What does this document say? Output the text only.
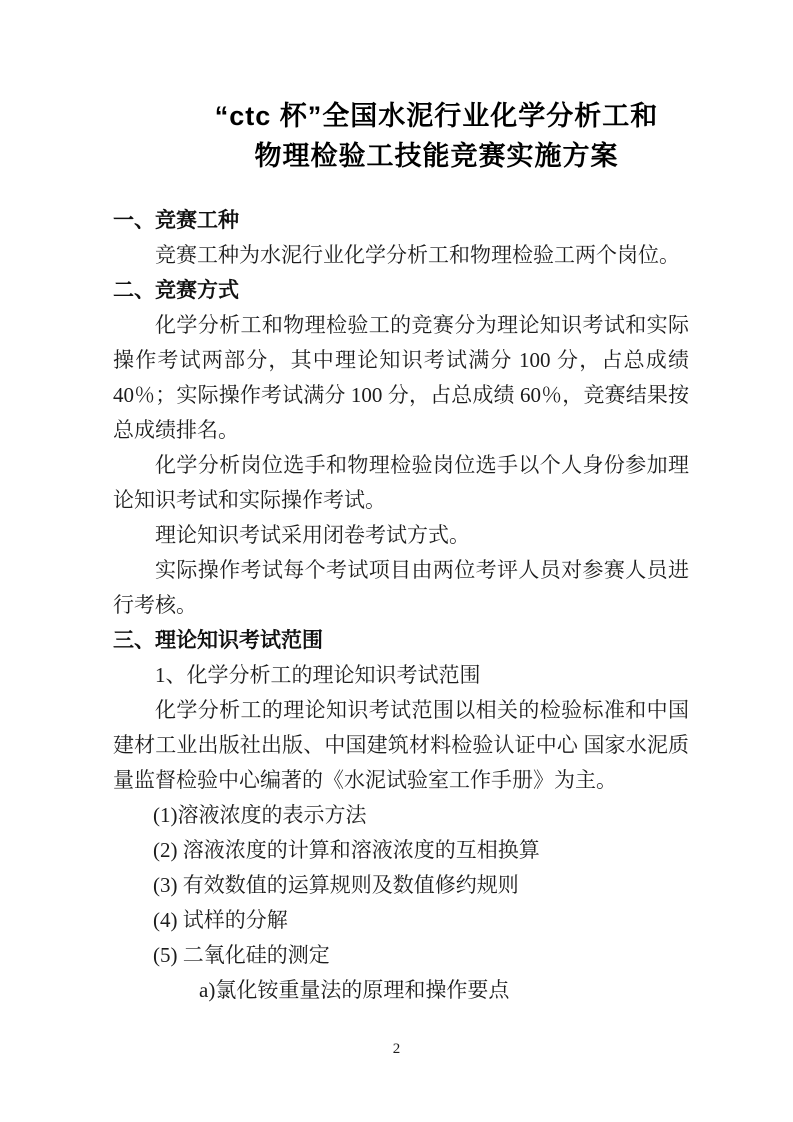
“ctc 杯”全国水泥行业化学分析工和
物理检验工技能竞赛实施方案
一、竞赛工种
竞赛工种为水泥行业化学分析工和物理检验工两个岗位。
二、竞赛方式
化学分析工和物理检验工的竞赛分为理论知识考试和实际操作考试两部分，其中理论知识考试满分 100 分，占总成绩 40％；实际操作考试满分 100 分，占总成绩 60％，竞赛结果按总成绩排名。
化学分析岗位选手和物理检验岗位选手以个人身份参加理论知识考试和实际操作考试。
理论知识考试采用闭卷考试方式。
实际操作考试每个考试项目由两位考评人员对参赛人员进行考核。
三、理论知识考试范围
1、化学分析工的理论知识考试范围
化学分析工的理论知识考试范围以相关的检验标准和中国建材工业出版社出版、中国建筑材料检验认证中心 国家水泥质量监督检验中心编著的《水泥试验室工作手册》为主。
(1)溶液浓度的表示方法
(2) 溶液浓度的计算和溶液浓度的互相换算
(3) 有效数值的运算规则及数值修约规则
(4) 试样的分解
(5) 二氧化硅的测定
a)氯化铵重量法的原理和操作要点
2
